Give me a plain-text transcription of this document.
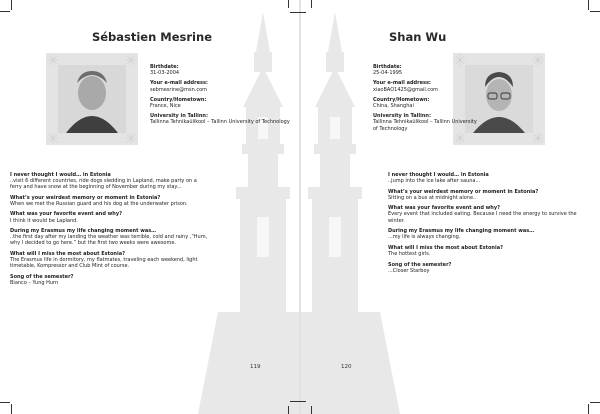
Sébastien Mesrine
Birthdate:
31-03-2004
Your e-mail address:
sebmesrine@msn.com
Country/Hometown:
France, Nice
University in Tallinn:
Tallinna Tehnikaülikool – Tallinn University of Technology
I never thought I would… in Estonia
..visit 6 different countries, ride dogs sledding in Lapland, make party on a ferry and have snow at the beginning of November during my stay...
What’s your weirdest memory or moment in Estonia?
When we met the Russian guard and his dog at the underwater prison.
What was your favorite event and why?
I think it would be Lapland.
During my Erasmus my life changing moment was…
..the first day after my landing the weather was terrible, cold and rainy ,“Hum, why I decided to go here.” but the first two weeks were awesome.
What will I miss the most about Estonia?
The Erasmus life in dormitory, my flatmates, traveling each weekend, light timetable, Kompressor and Club Mint of course.
Song of the semester?
Bianco – Yung Hurn
119
Shan Wu
Birthdate:
25-04-1995
Your e-mail address:
xiaoBAO1425@gmail.com
Country/Hometown:
China, Shanghai
University in Tallinn:
Tallinna Tehnikaülikool – Tallinn University of Technology
I never thought I would… in Estonia
..jump into the ice lake after sauna...
What’s your weirdest memory or moment in Estonia?
Sitting on a bus at midnight alone..
What was your favorite event and why?
Every event that included eating. Because I need the energy to survive the winter.
During my Erasmus my life changing moment was…
...my life is always changing.
What will I miss the most about Estonia?
The hottest girls.
Song of the semester?
...Closer Starboy
120
